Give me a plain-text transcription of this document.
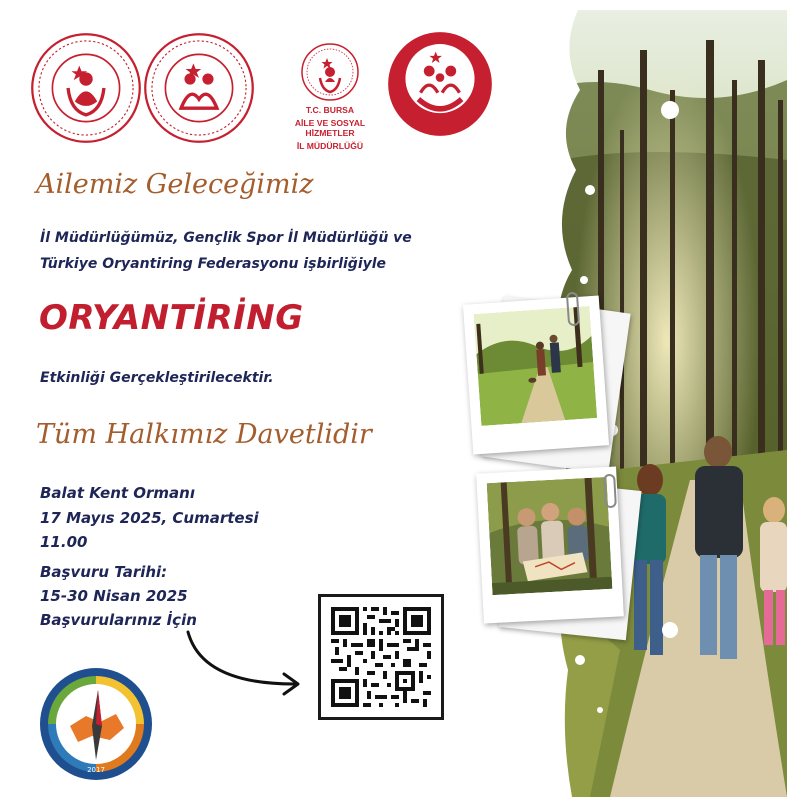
T.C. BURSA
AİLE VE SOSYAL HİZMETLER
İL MÜDÜRLÜĞÜ
Ailemiz Geleceğimiz
İl Müdürlüğümüz, Gençlik Spor İl Müdürlüğü ve
Türkiye Oryantiring Federasyonu işbirliğiyle
ORYANTİRİNG
Etkinliği Gerçekleştirilecektir.
Tüm Halkımız Davetlidir
Balat Kent Ormanı
17 Mayıs 2025, Cumartesi
11.00
Başvuru Tarihi:
15-30 Nisan 2025
Başvurularınız İçin
2017
